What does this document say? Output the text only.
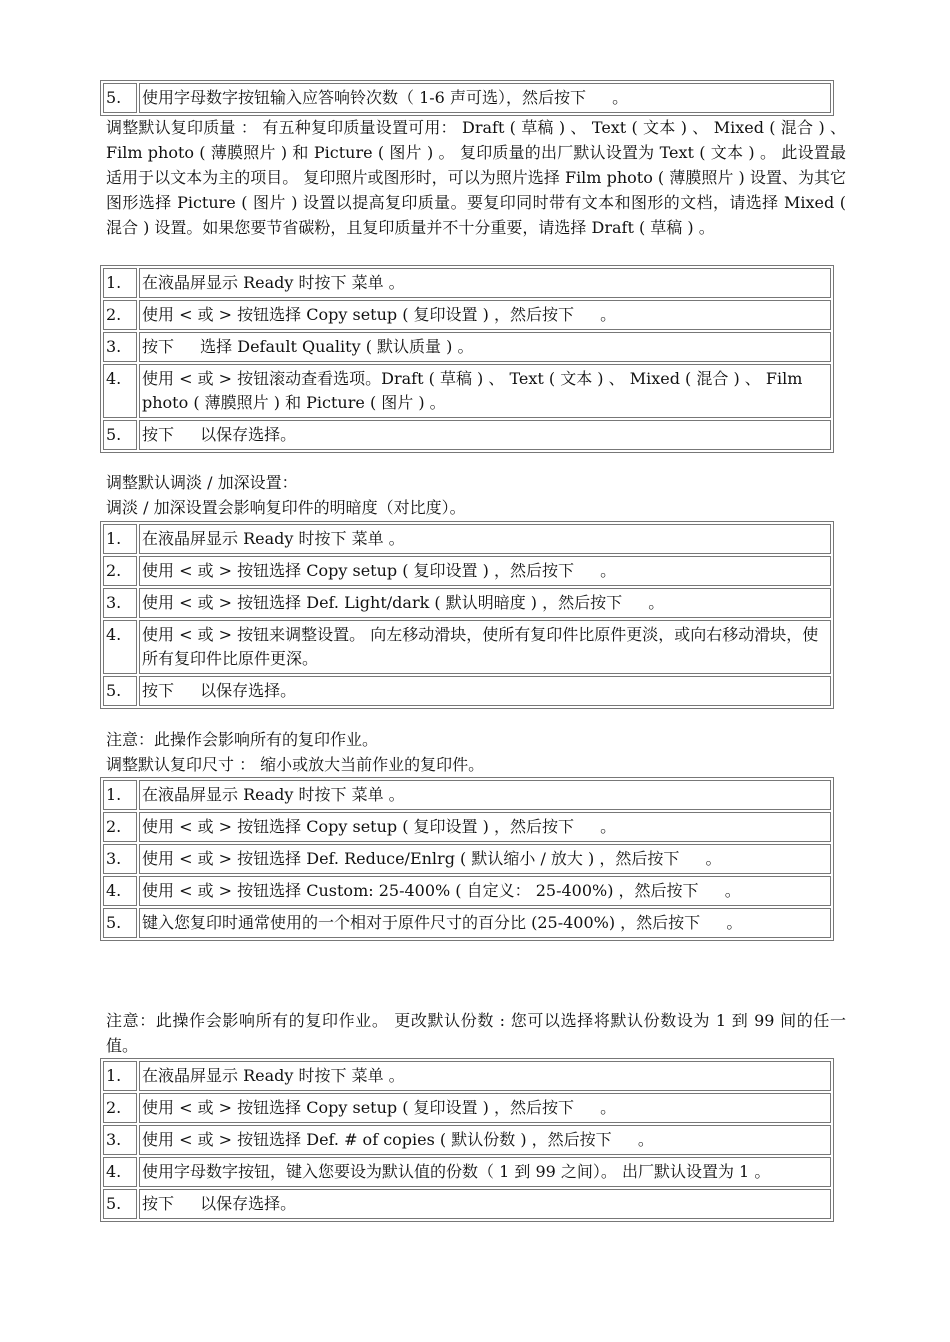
5.	使用字母数字按钮输入应答响铃次数（ 1-6 声可选），然后按下 　 。

调整默认复印质量 ： 有五种复印质量设置可用： Draft ( 草稿 ) 、 Text ( 文本 ) 、 Mixed ( 混合 ) 、 Film photo ( 薄膜照片 ) 和 Picture ( 图片 ) 。 复印质量的出厂默认设置为 Text ( 文本 ) 。 此设置最适用于以文本为主的项目。 复印照片或图形时，可以为照片选择 Film photo ( 薄膜照片 ) 设置、为其它图形选择 Picture ( 图片 ) 设置以提高复印质量。要复印同时带有文本和图形的文档，请选择 Mixed ( 混合 ) 设置。如果您要节省碳粉，且复印质量并不十分重要，请选择 Draft ( 草稿 ) 。

1.	在液晶屏显示 Ready 时按下 菜单 。
2.	使用 < 或 > 按钮选择 Copy setup ( 复印设置 ) ，然后按下 　 。
3.	按下 　 选择 Default Quality ( 默认质量 ) 。
4.	使用 < 或 > 按钮滚动查看选项。Draft ( 草稿 ) 、 Text ( 文本 ) 、 Mixed ( 混合 ) 、 Film photo ( 薄膜照片 ) 和 Picture ( 图片 ) 。
5.	按下 　 以保存选择。

调整默认调淡 / 加深设置：

调淡 / 加深设置会影响复印件的明暗度（对比度）。

1.	在液晶屏显示 Ready 时按下 菜单 。
2.	使用 < 或 > 按钮选择 Copy setup ( 复印设置 ) ，然后按下 　 。
3.	使用 < 或 > 按钮选择 Def. Light/dark ( 默认明暗度 ) ，然后按下 　 。
4.	使用 < 或 > 按钮来调整设置。 向左移动滑块，使所有复印件比原件更淡，或向右移动滑块，使所有复印件比原件更深。
5.	按下 　 以保存选择。

注意：此操作会影响所有的复印作业。

调整默认复印尺寸 ： 缩小或放大当前作业的复印件。

1.	在液晶屏显示 Ready 时按下 菜单 。
2.	使用 < 或 > 按钮选择 Copy setup ( 复印设置 ) ，然后按下 　 。
3.	使用 < 或 > 按钮选择 Def. Reduce/Enlrg ( 默认缩小 / 放大 ) ，然后按下 　 。
4.	使用 < 或 > 按钮选择 Custom: 25-400% ( 自定义： 25-400%) ，然后按下 　 。
5.	键入您复印时通常使用的一个相对于原件尺寸的百分比 (25-400%) ，然后按下 　 。

注意：此操作会影响所有的复印作业。 更改默认份数 : 您可以选择将默认份数设为 1 到 99 间的任一值。

1.	在液晶屏显示 Ready 时按下 菜单 。
2.	使用 < 或 > 按钮选择 Copy setup ( 复印设置 ) ，然后按下 　 。
3.	使用 < 或 > 按钮选择 Def. # of copies ( 默认份数 ) ，然后按下 　 。
4.	使用字母数字按钮，键入您要设为默认值的份数（ 1 到 99 之间）。 出厂默认设置为 1 。
5.	按下 　 以保存选择。
